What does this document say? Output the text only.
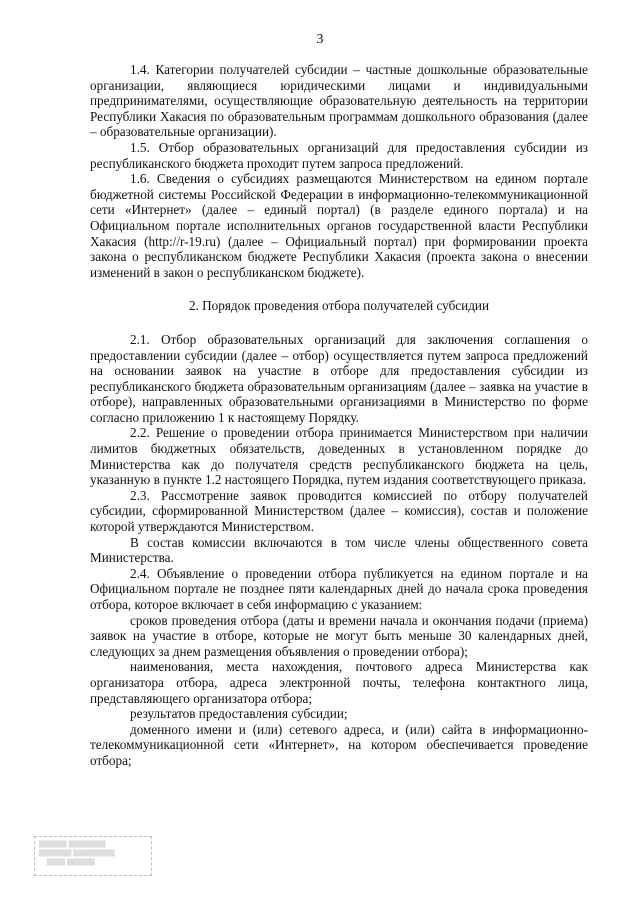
3

1.4. Категории получателей субсидии – частные дошкольные образовательные организации, являющиеся юридическими лицами и индивидуальными предпринимателями, осуществляющие образовательную деятельность на территории Республики Хакасия по образовательным программам дошкольного образования (далее – образовательные организации).

1.5. Отбор образовательных организаций для предоставления субсидии из республиканского бюджета проходит путем запроса предложений.

1.6. Сведения о субсидиях размещаются Министерством на едином портале бюджетной системы Российской Федерации в информационно-телекоммуникационной сети «Интернет» (далее – единый портал) (в разделе единого портала) и на Официальном портале исполнительных органов государственной власти Республики Хакасия (http://r-19.ru) (далее – Официальный портал) при формировании проекта закона о республиканском бюджете Республики Хакасия (проекта закона о внесении изменений в закон о республиканском бюджете).

2. Порядок проведения отбора получателей субсидии

2.1. Отбор образовательных организаций для заключения соглашения о предоставлении субсидии (далее – отбор) осуществляется путем запроса предложений на основании заявок на участие в отборе для предоставления субсидии из республиканского бюджета образовательным организациям (далее – заявка на участие в отборе), направленных образовательными организациями в Министерство по форме согласно приложению 1 к настоящему Порядку.

2.2. Решение о проведении отбора принимается Министерством при наличии лимитов бюджетных обязательств, доведенных в установленном порядке до Министерства как до получателя средств республиканского бюджета на цель, указанную в пункте 1.2 настоящего Порядка, путем издания соответствующего приказа.

2.3. Рассмотрение заявок проводится комиссией по отбору получателей субсидии, сформированной Министерством (далее – комиссия), состав и положение которой утверждаются Министерством.

В состав комиссии включаются в том числе члены общественного совета Министерства.

2.4. Объявление о проведении отбора публикуется на едином портале и на Официальном портале не позднее пяти календарных дней до начала срока проведения отбора, которое включает в себя информацию с указанием:

сроков проведения отбора (даты и времени начала и окончания подачи (приема) заявок на участие в отборе, которые не могут быть меньше 30 календарных дней, следующих за днем размещения объявления о проведении отбора);

наименования, места нахождения, почтового адреса Министерства как организатора отбора, адреса электронной почты, телефона контактного лица, представляющего организатора отбора;

результатов предоставления субсидии;

доменного имени и (или) сетевого адреса, и (или) сайта в информационно-телекоммуникационной сети «Интернет», на котором обеспечивается проведение отбора;

▒▒▒▒▒▒ ▒▒▒▒▒▒▒▒
▒▒▒▒▒▒▒ ▒▒▒▒▒▒▒▒▒
▒▒▒▒ ▒▒▒▒▒▒
